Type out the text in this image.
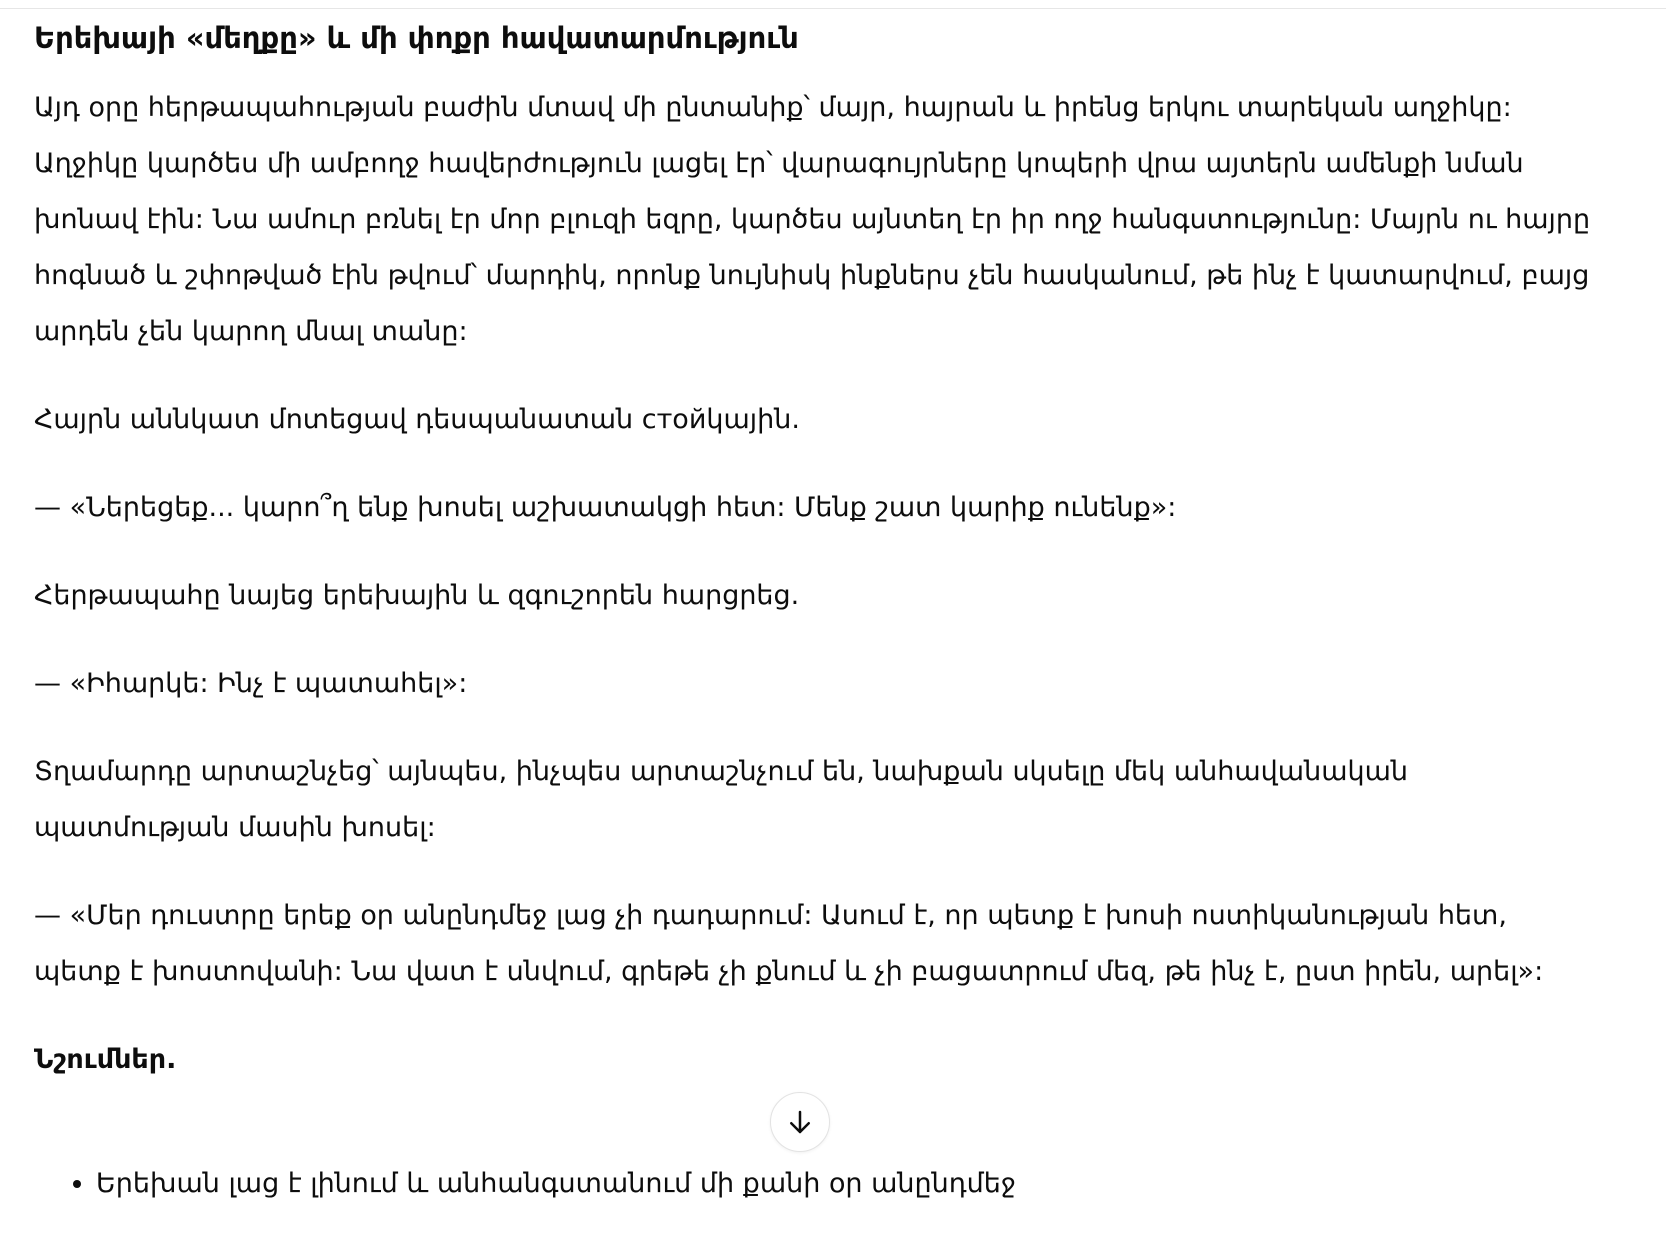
Երեխայի «մեղքը» և մի փոքր հավատարմություն

Այդ օրը հերթապահության բաժին մտավ մի ընտանիք՝ մայր, հայրան և իրենց երկու տարեկան աղջիկը: Աղջիկը կարծես մի ամբողջ հավերժություն լացել էր՝ վարագույրները կոպերի վրա այտերն ամենքի նման խոնավ էին: Նա ամուր բռնել էր մոր բլուզի եզրը, կարծես այնտեղ էր իր ողջ հանգստությունը: Մայրն ու հայրը հոգնած և շփոթված էին թվում՝ մարդիկ, որոնք նույնիսկ ինքներս չեն հասկանում, թե ինչ է կատարվում, բայց արդեն չեն կարող մնալ տանը:

Հայրն աննկատ մոտեցավ դեսպանատան стойկային.

— «Ներեցեք... կարո՞ղ ենք խոսել աշխատակցի հետ: Մենք շատ կարիք ունենք»:

Հերթապահը նայեց երեխային և զգուշորեն հարցրեց.

— «Իհարկե: Ինչ է պատահել»:

Տղամարդը արտաշնչեց՝ այնպես, ինչպես արտաշնչում են, նախքան սկսելը մեկ անհավանական պատմության մասին խոսել:

— «Մեր դուստրը երեք օր անընդմեջ լաց չի դադարում: Ասում է, որ պետք է խոսի ոստիկանության հետ, պետք է խոստովանի: Նա վատ է սնվում, գրեթե չի քնում և չի բացատրում մեզ, թե ինչ է, ըստ իրեն, արել»:

Նշումներ.

• Երեխան լաց է լինում և անհանգստանում մի քանի օր անընդմեջ
